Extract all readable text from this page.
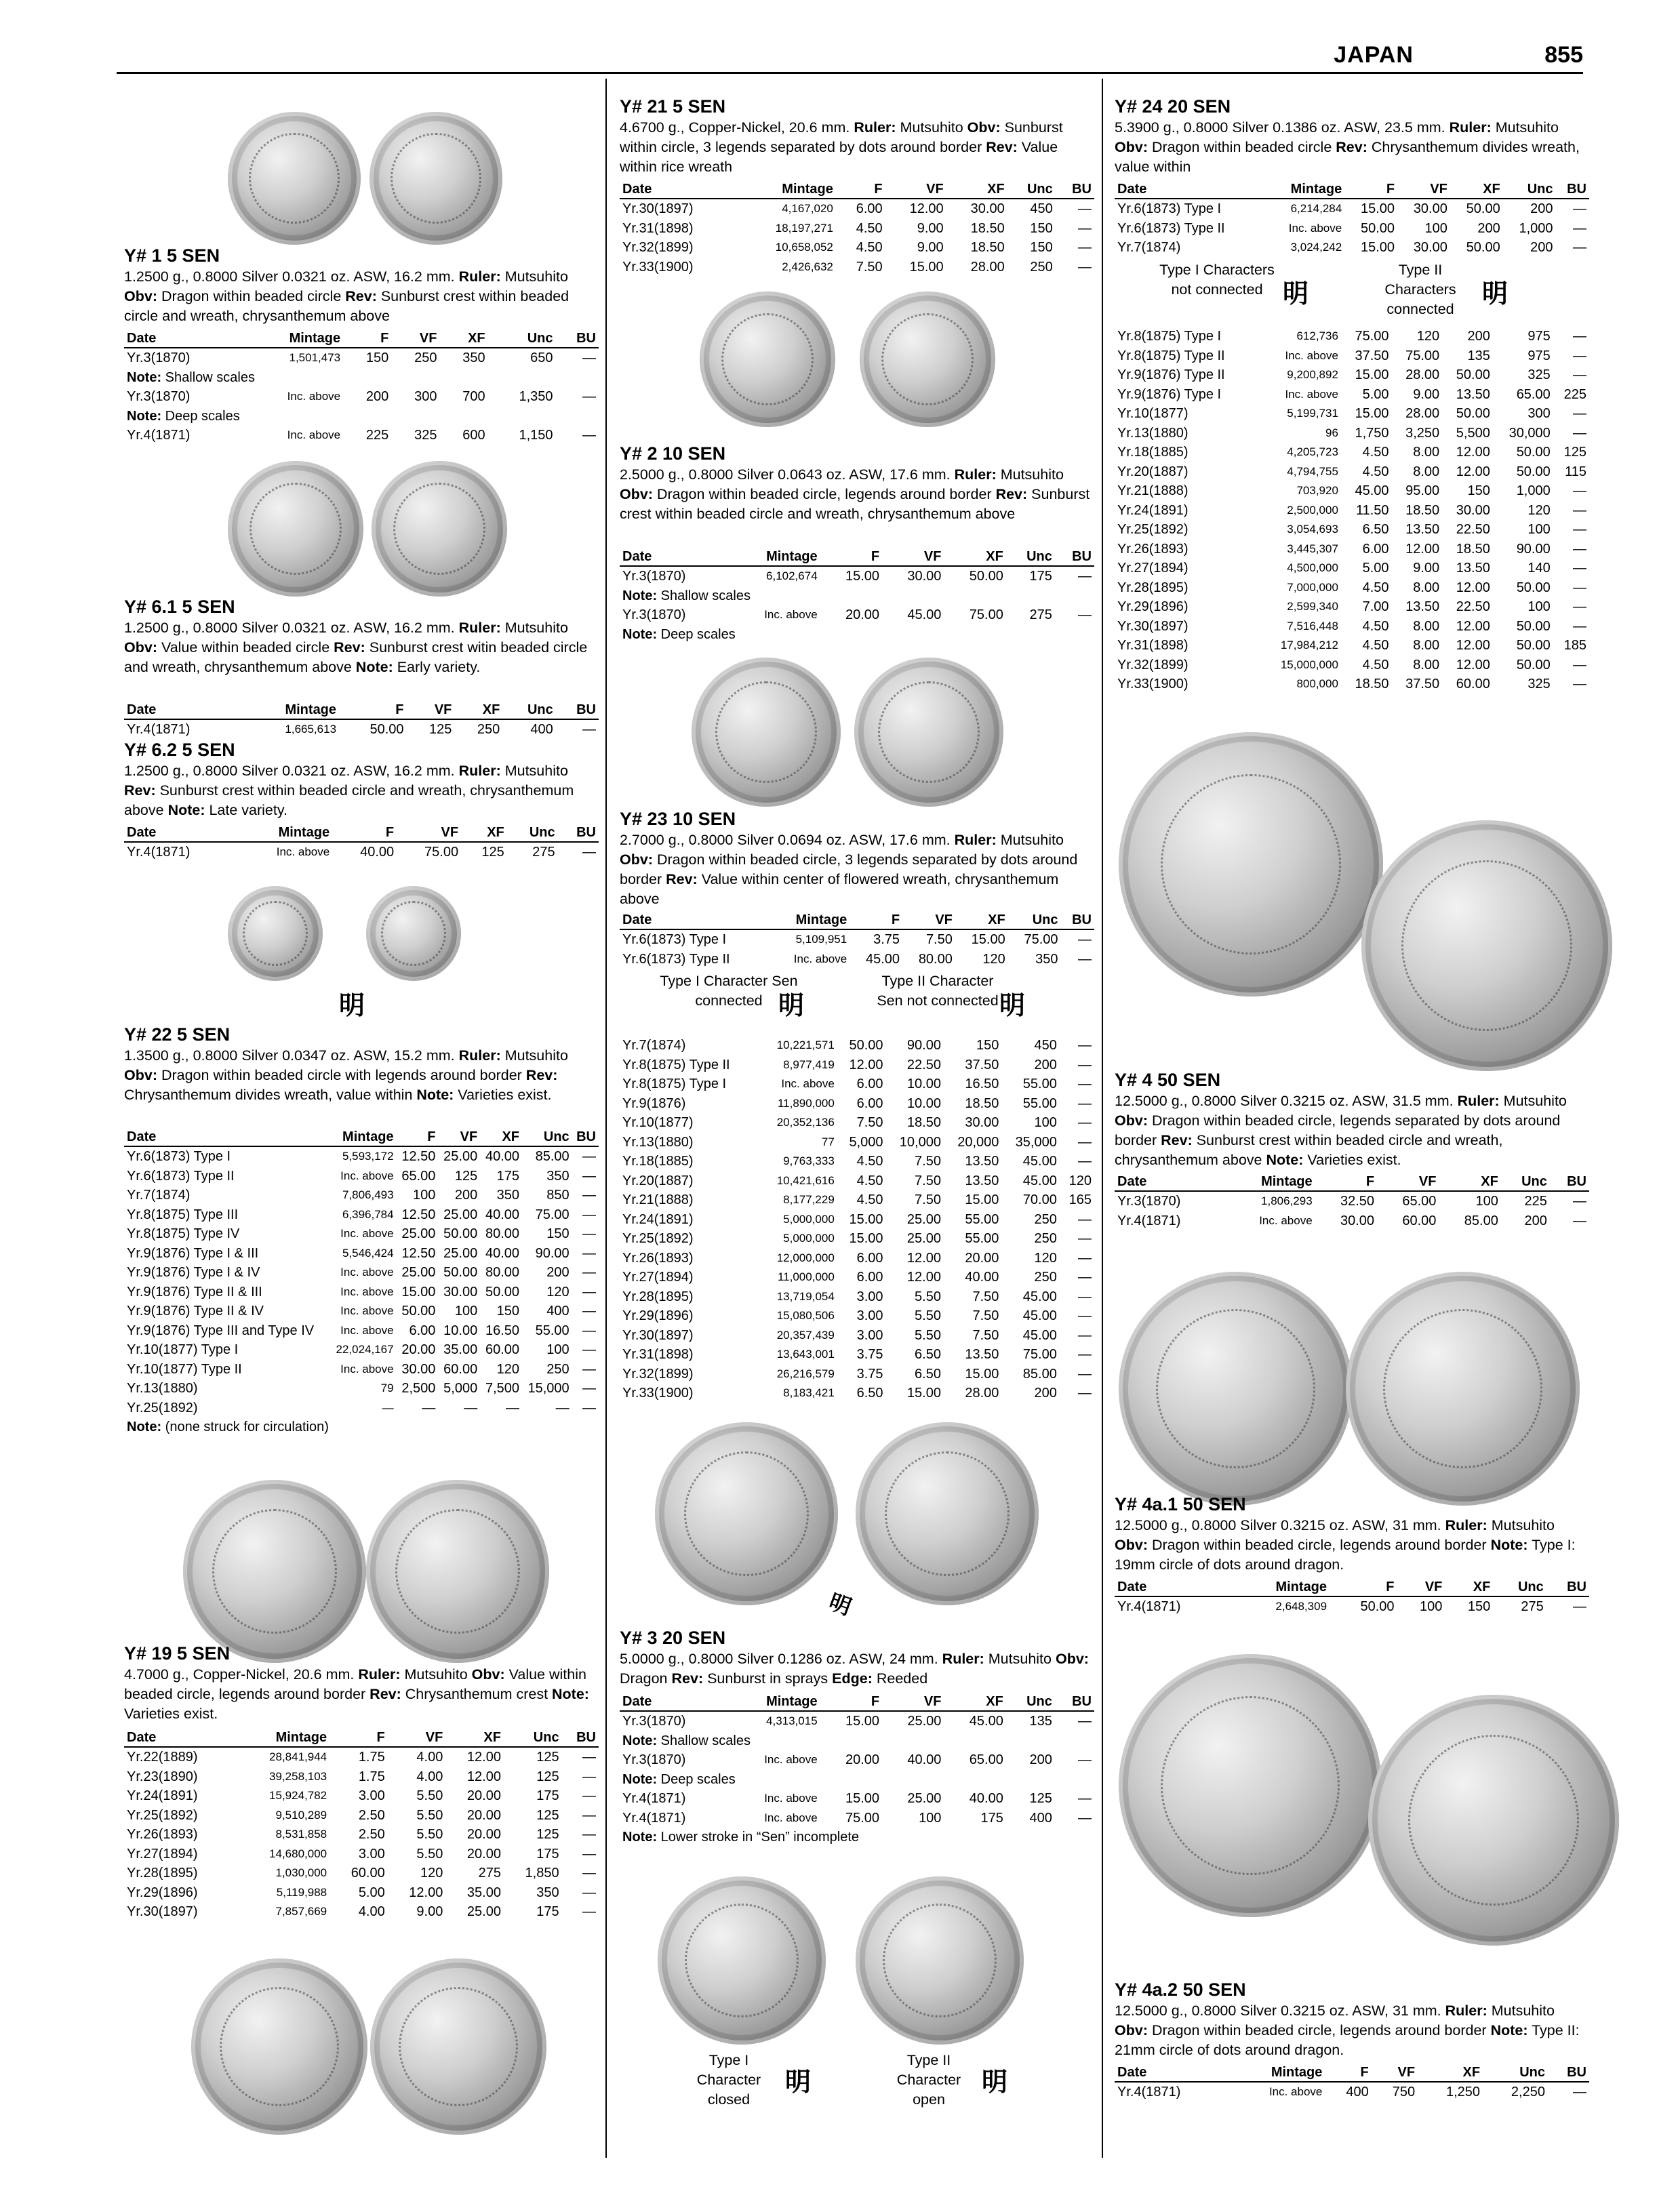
JAPAN	855
Y# 1 5 SEN
1.2500 g., 0.8000 Silver 0.0321 oz. ASW, 16.2 mm. Ruler: Mutsuhito Obv: Dragon within beaded circle Rev: Sunburst crest within beaded circle and wreath, chrysanthemum above
Date	Mintage	F	VF	XF	Unc	BU
Yr.3(1870)	1,501,473	150	250	350	650	—
Note: Shallow scales						
Yr.3(1870)	Inc. above	200	300	700	1,350	—
Note: Deep scales						
Yr.4(1871)	Inc. above	225	325	600	1,150	—
Y# 6.1 5 SEN
1.2500 g., 0.8000 Silver 0.0321 oz. ASW, 16.2 mm. Ruler: Mutsuhito Obv: Value within beaded circle Rev: Sunburst crest witin beaded circle and wreath, chrysanthemum above Note: Early variety.
Date	Mintage	F	VF	XF	Unc	BU
Yr.4(1871)	1,665,613	50.00	125	250	400	—
Y# 6.2 5 SEN
1.2500 g., 0.8000 Silver 0.0321 oz. ASW, 16.2 mm. Ruler: Mutsuhito Rev: Sunburst crest within beaded circle and wreath, chrysanthemum above Note: Late variety.
Date	Mintage	F	VF	XF	Unc	BU
Yr.4(1871)	Inc. above	40.00	75.00	125	275	—
明
Y# 22 5 SEN
1.3500 g., 0.8000 Silver 0.0347 oz. ASW, 15.2 mm. Ruler: Mutsuhito Obv: Dragon within beaded circle with legends around border Rev: Chrysanthemum divides wreath, value within Note: Varieties exist.
Date	Mintage	F	VF	XF	Unc	BU
Yr.6(1873) Type I	5,593,172	12.50	25.00	40.00	85.00	—
Yr.6(1873) Type II	Inc. above	65.00	125	175	350	—
Yr.7(1874)	7,806,493	100	200	350	850	—
Yr.8(1875) Type III	6,396,784	12.50	25.00	40.00	75.00	—
Yr.8(1875) Type IV	Inc. above	25.00	50.00	80.00	150	—
Yr.9(1876) Type I & III	5,546,424	12.50	25.00	40.00	90.00	—
Yr.9(1876) Type I & IV	Inc. above	25.00	50.00	80.00	200	—
Yr.9(1876) Type II & III	Inc. above	15.00	30.00	50.00	120	—
Yr.9(1876) Type II & IV	Inc. above	50.00	100	150	400	—
Yr.9(1876) Type III and Type IV	Inc. above	6.00	10.00	16.50	55.00	—
Yr.10(1877) Type I	22,024,167	20.00	35.00	60.00	100	—
Yr.10(1877) Type II	Inc. above	30.00	60.00	120	250	—
Yr.13(1880)	79	2,500	5,000	7,500	15,000	—
Yr.25(1892)	—	—	—	—	—	—
Note: (none struck for circulation)						
Y# 19 5 SEN
4.7000 g., Copper-Nickel, 20.6 mm. Ruler: Mutsuhito Obv: Value within beaded circle, legends around border Rev: Chrysanthemum crest Note: Varieties exist.
Date	Mintage	F	VF	XF	Unc	BU
Yr.22(1889)	28,841,944	1.75	4.00	12.00	125	—
Yr.23(1890)	39,258,103	1.75	4.00	12.00	125	—
Yr.24(1891)	15,924,782	3.00	5.50	20.00	175	—
Yr.25(1892)	9,510,289	2.50	5.50	20.00	125	—
Yr.26(1893)	8,531,858	2.50	5.50	20.00	125	—
Yr.27(1894)	14,680,000	3.00	5.50	20.00	175	—
Yr.28(1895)	1,030,000	60.00	120	275	1,850	—
Yr.29(1896)	5,119,988	5.00	12.00	35.00	350	—
Yr.30(1897)	7,857,669	4.00	9.00	25.00	175	—
Y# 21 5 SEN
4.6700 g., Copper-Nickel, 20.6 mm. Ruler: Mutsuhito Obv: Sunburst within circle, 3 legends separated by dots around border Rev: Value within rice wreath
Date	Mintage	F	VF	XF	Unc	BU
Yr.30(1897)	4,167,020	6.00	12.00	30.00	450	—
Yr.31(1898)	18,197,271	4.50	9.00	18.50	150	—
Yr.32(1899)	10,658,052	4.50	9.00	18.50	150	—
Yr.33(1900)	2,426,632	7.50	15.00	28.00	250	—
Y# 2 10 SEN
2.5000 g., 0.8000 Silver 0.0643 oz. ASW, 17.6 mm. Ruler: Mutsuhito Obv: Dragon within beaded circle, legends around border Rev: Sunburst crest within beaded circle and wreath, chrysanthemum above
Date	Mintage	F	VF	XF	Unc	BU
Yr.3(1870)	6,102,674	15.00	30.00	50.00	175	—
Note: Shallow scales						
Yr.3(1870)	Inc. above	20.00	45.00	75.00	275	—
Note: Deep scales						
Y# 23 10 SEN
2.7000 g., 0.8000 Silver 0.0694 oz. ASW, 17.6 mm. Ruler: Mutsuhito Obv: Dragon within beaded circle, 3 legends separated by dots around border Rev: Value within center of flowered wreath, chrysanthemum above
Date	Mintage	F	VF	XF	Unc	BU
Yr.6(1873) Type I	5,109,951	3.75	7.50	15.00	75.00	—
Yr.6(1873) Type II	Inc. above	45.00	80.00	120	350	—
Type I Character Sen connected 明
Type II Character Sen not connected 明
Yr.7(1874)	10,221,571	50.00	90.00	150	450	—
Yr.8(1875) Type II	8,977,419	12.00	22.50	37.50	200	—
Yr.8(1875) Type I	Inc. above	6.00	10.00	16.50	55.00	—
Yr.9(1876)	11,890,000	6.00	10.00	18.50	55.00	—
Yr.10(1877)	20,352,136	7.50	18.50	30.00	100	—
Yr.13(1880)	77	5,000	10,000	20,000	35,000	—
Yr.18(1885)	9,763,333	4.50	7.50	13.50	45.00	—
Yr.20(1887)	10,421,616	4.50	7.50	13.50	45.00	120
Yr.21(1888)	8,177,229	4.50	7.50	15.00	70.00	165
Yr.24(1891)	5,000,000	15.00	25.00	55.00	250	—
Yr.25(1892)	5,000,000	15.00	25.00	55.00	250	—
Yr.26(1893)	12,000,000	6.00	12.00	20.00	120	—
Yr.27(1894)	11,000,000	6.00	12.00	40.00	250	—
Yr.28(1895)	13,719,054	3.00	5.50	7.50	45.00	—
Yr.29(1896)	15,080,506	3.00	5.50	7.50	45.00	—
Yr.30(1897)	20,357,439	3.00	5.50	7.50	45.00	—
Yr.31(1898)	13,643,001	3.75	6.50	13.50	75.00	—
Yr.32(1899)	26,216,579	3.75	6.50	15.00	85.00	—
Yr.33(1900)	8,183,421	6.50	15.00	28.00	200	—
明
Y# 3 20 SEN
5.0000 g., 0.8000 Silver 0.1286 oz. ASW, 24 mm. Ruler: Mutsuhito Obv: Dragon Rev: Sunburst in sprays Edge: Reeded
Date	Mintage	F	VF	XF	Unc	BU
Yr.3(1870)	4,313,015	15.00	25.00	45.00	135	—
Note: Shallow scales						
Yr.3(1870)	Inc. above	20.00	40.00	65.00	200	—
Note: Deep scales						
Yr.4(1871)	Inc. above	15.00	25.00	40.00	125	—
Yr.4(1871)	Inc. above	75.00	100	175	400	—
Note: Lower stroke in “Sen” incomplete						
Type I Character closed
明
Type II Character open
明
Y# 24 20 SEN
5.3900 g., 0.8000 Silver 0.1386 oz. ASW, 23.5 mm. Ruler: Mutsuhito Obv: Dragon within beaded circle Rev: Chrysanthemum divides wreath, value within
Date	Mintage	F	VF	XF	Unc	BU
Yr.6(1873) Type I	6,214,284	15.00	30.00	50.00	200	—
Yr.6(1873) Type II	Inc. above	50.00	100	200	1,000	—
Yr.7(1874)	3,024,242	15.00	30.00	50.00	200	—
Type I Characters not connected 明
Type II Characters connected
明
Yr.8(1875) Type I	612,736	75.00	120	200	975	—
Yr.8(1875) Type II	Inc. above	37.50	75.00	135	975	—
Yr.9(1876) Type II	9,200,892	15.00	28.00	50.00	325	—
Yr.9(1876) Type I	Inc. above	5.00	9.00	13.50	65.00	225
Yr.10(1877)	5,199,731	15.00	28.00	50.00	300	—
Yr.13(1880)	96	1,750	3,250	5,500	30,000	—
Yr.18(1885)	4,205,723	4.50	8.00	12.00	50.00	125
Yr.20(1887)	4,794,755	4.50	8.00	12.00	50.00	115
Yr.21(1888)	703,920	45.00	95.00	150	1,000	—
Yr.24(1891)	2,500,000	11.50	18.50	30.00	120	—
Yr.25(1892)	3,054,693	6.50	13.50	22.50	100	—
Yr.26(1893)	3,445,307	6.00	12.00	18.50	90.00	—
Yr.27(1894)	4,500,000	5.00	9.00	13.50	140	—
Yr.28(1895)	7,000,000	4.50	8.00	12.00	50.00	—
Yr.29(1896)	2,599,340	7.00	13.50	22.50	100	—
Yr.30(1897)	7,516,448	4.50	8.00	12.00	50.00	—
Yr.31(1898)	17,984,212	4.50	8.00	12.00	50.00	185
Yr.32(1899)	15,000,000	4.50	8.00	12.00	50.00	—
Yr.33(1900)	800,000	18.50	37.50	60.00	325	—
Y# 4 50 SEN
12.5000 g., 0.8000 Silver 0.3215 oz. ASW, 31.5 mm. Ruler: Mutsuhito Obv: Dragon within beaded circle, legends separated by dots around border Rev: Sunburst crest within beaded circle and wreath, chrysanthemum above Note: Varieties exist.
Date	Mintage	F	VF	XF	Unc	BU
Yr.3(1870)	1,806,293	32.50	65.00	100	225	—
Yr.4(1871)	Inc. above	30.00	60.00	85.00	200	—
Y# 4a.1 50 SEN
12.5000 g., 0.8000 Silver 0.3215 oz. ASW, 31 mm. Ruler: Mutsuhito Obv: Dragon within beaded circle, legends around border Note: Type I: 19mm circle of dots around dragon.
Date	Mintage	F	VF	XF	Unc	BU
Yr.4(1871)	2,648,309	50.00	100	150	275	—
Y# 4a.2 50 SEN
12.5000 g., 0.8000 Silver 0.3215 oz. ASW, 31 mm. Ruler: Mutsuhito Obv: Dragon within beaded circle, legends around border Note: Type II: 21mm circle of dots around dragon.
Date	Mintage	F	VF	XF	Unc	BU
Yr.4(1871)	Inc. above	400	750	1,250	2,250	—
